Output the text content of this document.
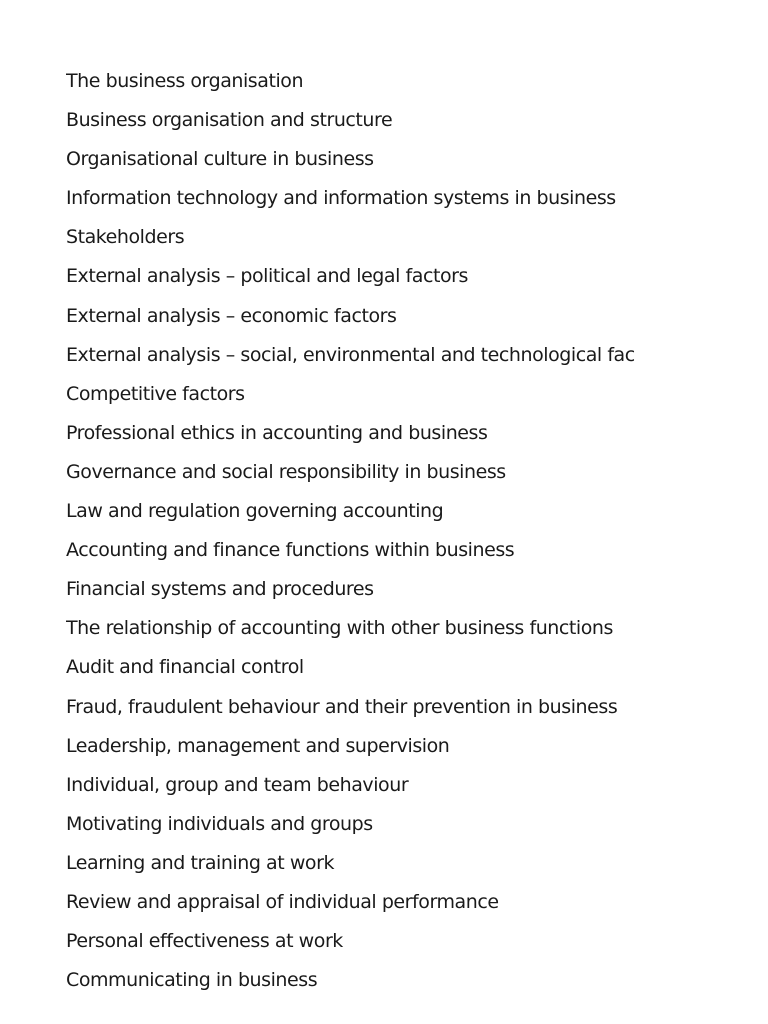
The business organisation
Business organisation and structure
Organisational culture in business
Information technology and information systems in business
Stakeholders
External analysis – political and legal factors
External analysis – economic factors
External analysis – social, environmental and technological fac
Competitive factors
Professional ethics in accounting and business
Governance and social responsibility in business
Law and regulation governing accounting
Accounting and finance functions within business
Financial systems and procedures
The relationship of accounting with other business functions
Audit and financial control
Fraud, fraudulent behaviour and their prevention in business
Leadership, management and supervision
Individual, group and team behaviour
Motivating individuals and groups
Learning and training at work
Review and appraisal of individual performance
Personal effectiveness at work
Communicating in business
